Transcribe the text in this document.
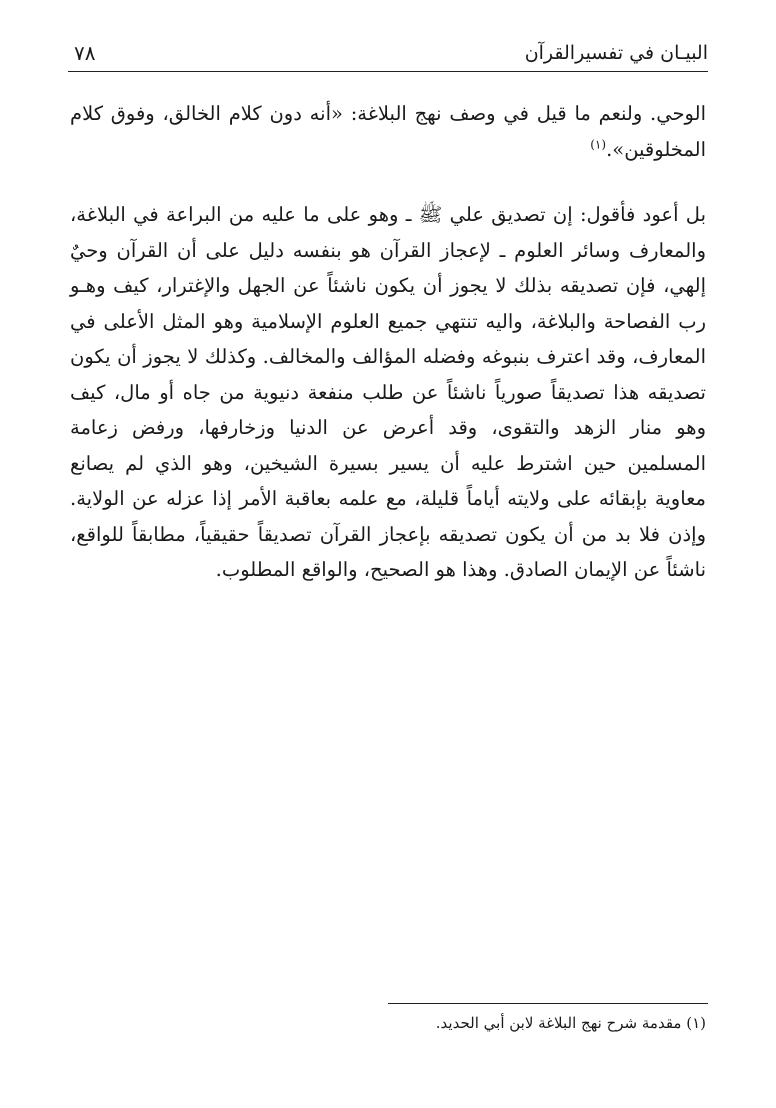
البيـان في تفسيرالقرآن
٧٨

الوحي. ولنعم ما قيل في وصف نهج البلاغة: «أنه دون كلام الخالق، وفوق كلام المخلوقين».$^{(١)}$

بل أعود فأقول: إن تصديق علي ﷺ ـ وهو على ما عليه من البراعة في البلاغة، والمعارف وسائر العلوم ـ لإعجاز القرآن هو بنفسه دليل على أن القرآن وحيٌ إلهي، فإن تصديقه بذلك لا يجوز أن يكون ناشئاً عن الجهل والإغترار، كيف وهـو رب الفصاحة والبلاغة، واليه تنتهي جميع العلوم الإسلامية وهو المثل الأعلى في المعارف، وقد اعترف بنبوغه وفضله المؤالف والمخالف. وكذلك لا يجوز أن يكون تصديقه هذا تصديقاً صورياً ناشئاً عن طلب منفعة دنيوية من جاه أو مال، كيف وهو منار الزهد والتقوى، وقد أعرض عن الدنيا وزخارفها، ورفض زعامة المسلمين حين اشترط عليه أن يسير بسيرة الشيخين، وهو الذي لم يصانع معاوية بإبقائه على ولايته أياماً قليلة، مع علمه بعاقبة الأمر إذا عزله عن الولاية. وإذن فلا بد من أن يكون تصديقه بإعجاز القرآن تصديقاً حقيقياً، مطابقاً للواقع، ناشئاً عن الإيمان الصادق. وهذا هو الصحيح، والواقع المطلوب.

(١) مقدمة شرح نهج البلاغة لابن أبي الحديد.
